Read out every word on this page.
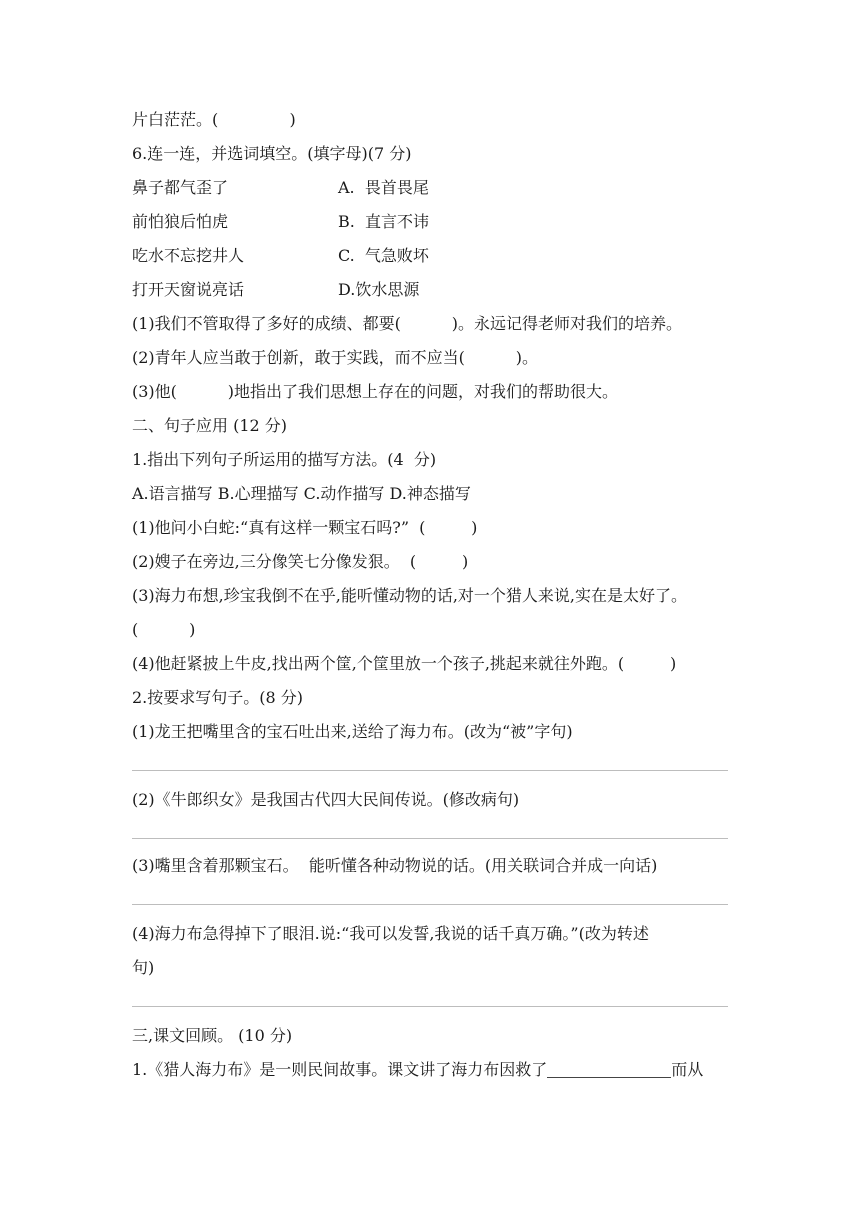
片白茫茫。(              )
6.连一连，并选词填空。(填字母)(7 分)
鼻子都气歪了	A.  畏首畏尾
前怕狼后怕虎	B.  直言不讳
吃水不忘挖井人	C.  气急败坏
打开天窗说亮话	D.饮水思源
(1)我们不管取得了多好的成绩、都要(          )。永远记得老师对我们的培养。
(2)青年人应当敢于创新，敢于实践，而不应当(          )。
(3)他(          )地指出了我们思想上存在的问题，对我们的帮助很大。
二、句子应用 (12 分)
1.指出下列句子所运用的描写方法。(4  分)
A.语言描写 B.心理描写 C.动作描写 D.神态描写
(1)他问小白蛇:“真有这样一颗宝石吗?”  (         )
(2)嫂子在旁边,三分像笑七分像发狠。  (         )
(3)海力布想,珍宝我倒不在乎,能听懂动物的话,对一个猎人来说,实在是太好了。
(          )
(4)他赶紧披上牛皮,找出两个筐,个筐里放一个孩子,挑起来就往外跑。(         )
2.按要求写句子。(8 分)
(1)龙王把嘴里含的宝石吐出来,送给了海力布。(改为“被”字句)
(2)《牛郎织女》是我国古代四大民间传说。(修改病句)
(3)嘴里含着那颗宝石。  能听懂各种动物说的话。(用关联词合并成一向话)
(4)海力布急得掉下了眼泪.说:“我可以发誓,我说的话千真万确。”(改为转述
句)
三,课文回顾。 (10 分)
1.《猎人海力布》是一则民间故事。课文讲了海力布因救了	而从
